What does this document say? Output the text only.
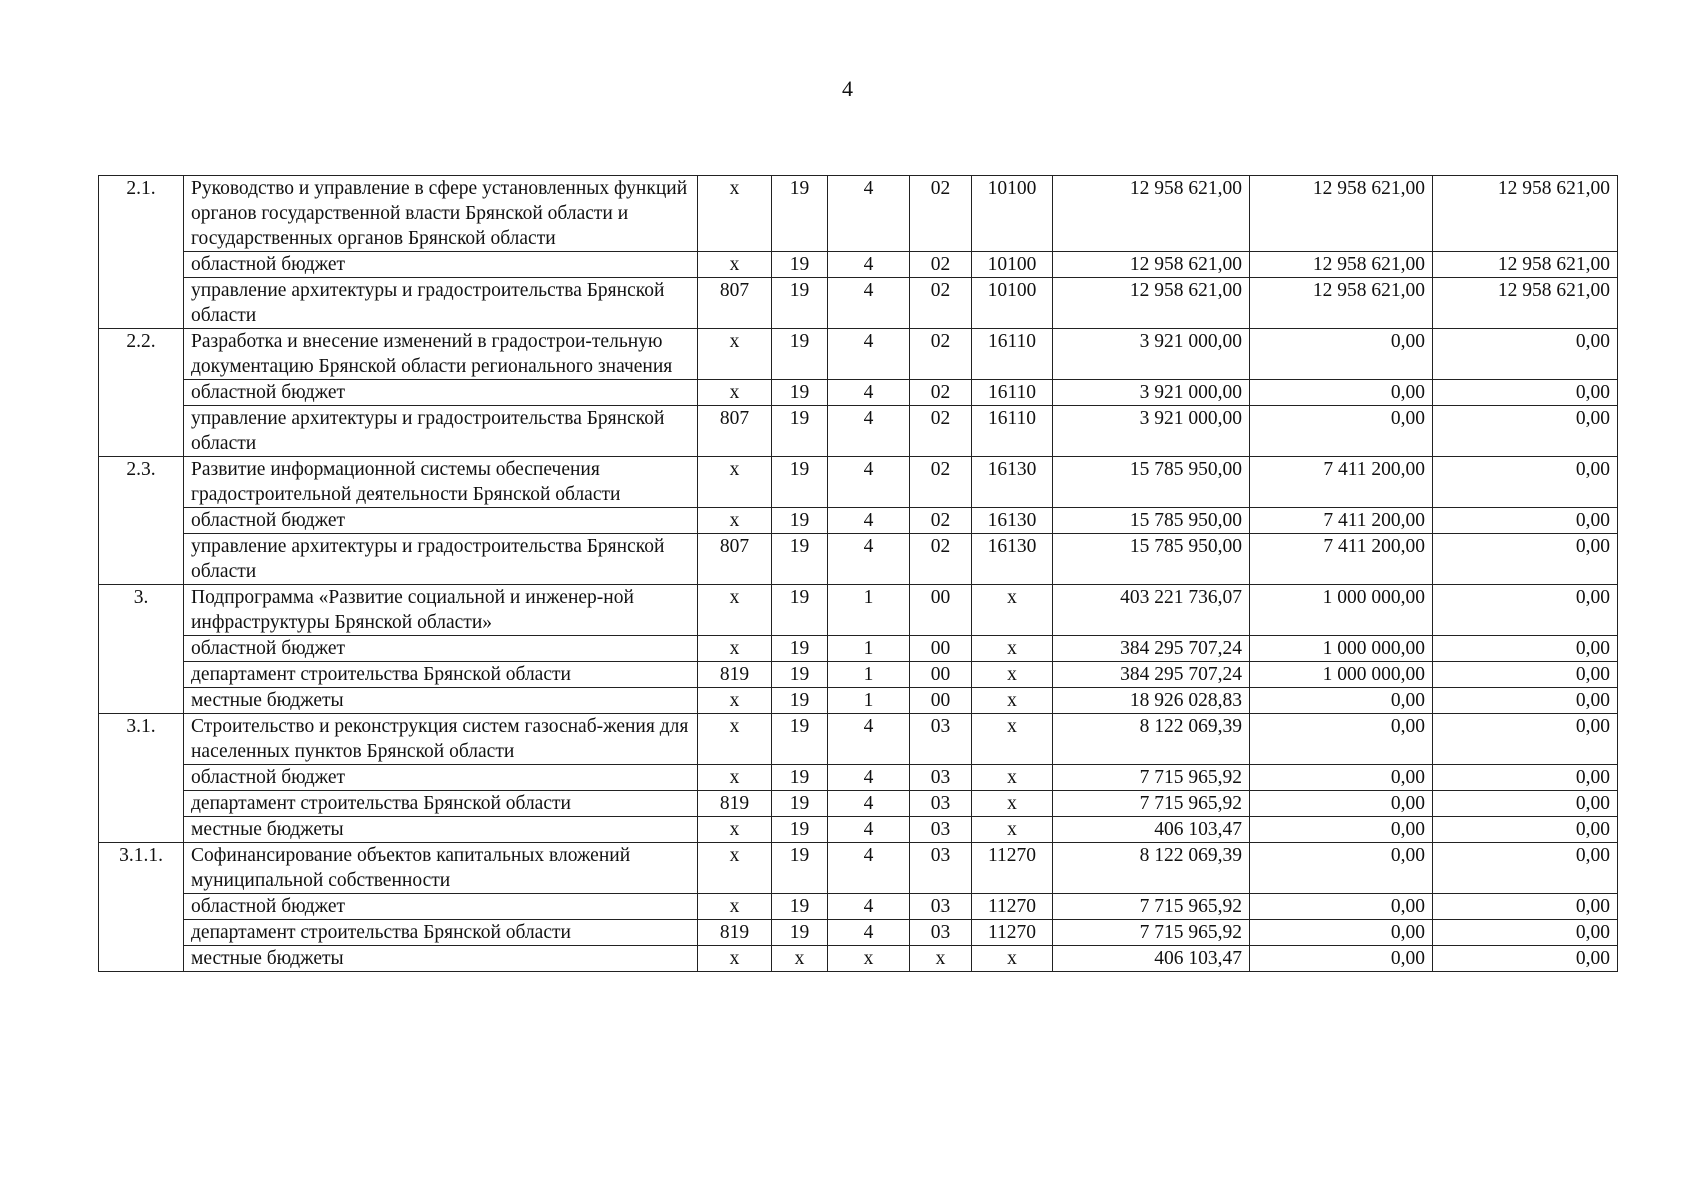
4
2.1.	Руководство и управление в сфере установленных функций органов государственной власти Брянской области и государственных органов Брянской области	х	19	4	02	10100	12 958 621,00	12 958 621,00	12 958 621,00
	областной бюджет	х	19	4	02	10100	12 958 621,00	12 958 621,00	12 958 621,00
	управление архитектуры и градостроительства Брянской области	807	19	4	02	10100	12 958 621,00	12 958 621,00	12 958 621,00
2.2.	Разработка и внесение изменений в градострои-тельную документацию Брянской области регионального значения	х	19	4	02	16110	3 921 000,00	0,00	0,00
	областной бюджет	х	19	4	02	16110	3 921 000,00	0,00	0,00
	управление архитектуры и градостроительства Брянской области	807	19	4	02	16110	3 921 000,00	0,00	0,00
2.3.	Развитие информационной системы обеспечения градостроительной деятельности Брянской области	х	19	4	02	16130	15 785 950,00	7 411 200,00	0,00
	областной бюджет	х	19	4	02	16130	15 785 950,00	7 411 200,00	0,00
	управление архитектуры и градостроительства Брянской области	807	19	4	02	16130	15 785 950,00	7 411 200,00	0,00
3.	Подпрограмма «Развитие социальной и инженер-ной инфраструктуры Брянской области»	х	19	1	00	х	403 221 736,07	1 000 000,00	0,00
	областной бюджет	х	19	1	00	х	384 295 707,24	1 000 000,00	0,00
	департамент строительства Брянской области	819	19	1	00	х	384 295 707,24	1 000 000,00	0,00
	местные бюджеты	х	19	1	00	х	18 926 028,83	0,00	0,00
3.1.	Строительство и реконструкция систем газоснаб-жения для населенных пунктов Брянской области	х	19	4	03	х	8 122 069,39	0,00	0,00
	областной бюджет	х	19	4	03	х	7 715 965,92	0,00	0,00
	департамент строительства Брянской области	819	19	4	03	х	7 715 965,92	0,00	0,00
	местные бюджеты	х	19	4	03	х	406 103,47	0,00	0,00
3.1.1.	Софинансирование объектов капитальных вложений муниципальной собственности	х	19	4	03	11270	8 122 069,39	0,00	0,00
	областной бюджет	х	19	4	03	11270	7 715 965,92	0,00	0,00
	департамент строительства Брянской области	819	19	4	03	11270	7 715 965,92	0,00	0,00
	местные бюджеты	х	х	х	х	х	406 103,47	0,00	0,00
